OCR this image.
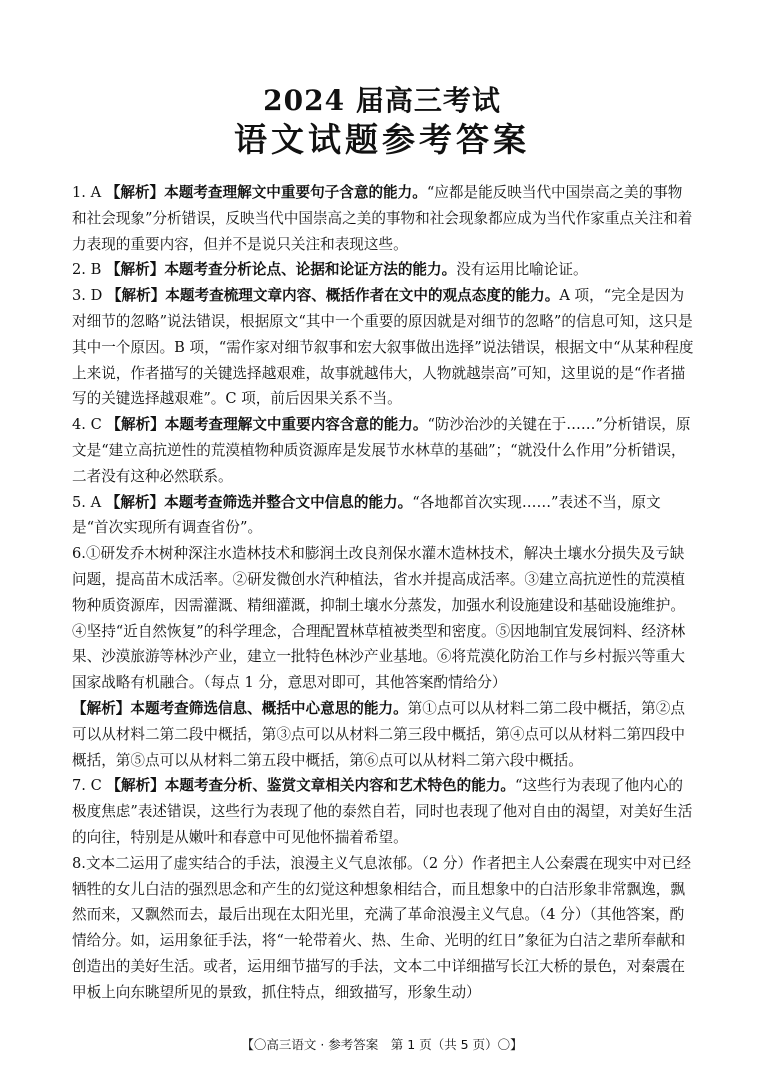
2024 届高三考试
语文试题参考答案

1. A 【解析】本题考查理解文中重要句子含意的能力。“应都是能反映当代中国崇高之美的事物和社会现象”分析错误，反映当代中国崇高之美的事物和社会现象都应成为当代作家重点关注和着力表现的重要内容，但并不是说只关注和表现这些。

2. B 【解析】本题考查分析论点、论据和论证方法的能力。没有运用比喻论证。

3. D 【解析】本题考查梳理文章内容、概括作者在文中的观点态度的能力。A 项，“完全是因为对细节的忽略”说法错误，根据原文“其中一个重要的原因就是对细节的忽略”的信息可知，这只是其中一个原因。B 项，“需作家对细节叙事和宏大叙事做出选择”说法错误，根据文中“从某种程度上来说，作者描写的关键选择越艰难，故事就越伟大，人物就越崇高”可知，这里说的是“作者描写的关键选择越艰难”。C 项，前后因果关系不当。

4. C 【解析】本题考查理解文中重要内容含意的能力。“防沙治沙的关键在于……”分析错误，原文是“建立高抗逆性的荒漠植物种质资源库是发展节水林草的基础”；“就没什么作用”分析错误，二者没有这种必然联系。

5. A 【解析】本题考查筛选并整合文中信息的能力。“各地都首次实现……”表述不当，原文是“首次实现所有调查省份”。

6.①研发乔木树种深注水造林技术和膨润土改良剂保水灌木造林技术，解决土壤水分损失及亏缺问题，提高苗木成活率。②研发微创水汽种植法，省水并提高成活率。③建立高抗逆性的荒漠植物种质资源库，因需灌溉、精细灌溉，抑制土壤水分蒸发，加强水利设施建设和基础设施维护。④坚持“近自然恢复”的科学理念，合理配置林草植被类型和密度。⑤因地制宜发展饲料、经济林果、沙漠旅游等林沙产业，建立一批特色林沙产业基地。⑥将荒漠化防治工作与乡村振兴等重大国家战略有机融合。（每点 1 分，意思对即可，其他答案酌情给分）

【解析】本题考查筛选信息、概括中心意思的能力。第①点可以从材料二第二段中概括，第②点可以从材料二第二段中概括，第③点可以从材料二第三段中概括，第④点可以从材料二第四段中概括，第⑤点可以从材料二第五段中概括，第⑥点可以从材料二第六段中概括。

7. C 【解析】本题考查分析、鉴赏文章相关内容和艺术特色的能力。“这些行为表现了他内心的极度焦虑”表述错误，这些行为表现了他的泰然自若，同时也表现了他对自由的渴望，对美好生活的向往，特别是从嫩叶和春意中可见他怀揣着希望。

8.文本二运用了虚实结合的手法，浪漫主义气息浓郁。（2 分）作者把主人公秦震在现实中对已经牺牲的女儿白洁的强烈思念和产生的幻觉这种想象相结合，而且想象中的白洁形象非常飘逸，飘然而来，又飘然而去，最后出现在太阳光里，充满了革命浪漫主义气息。（4 分）（其他答案，酌情给分。如，运用象征手法，将“一轮带着火、热、生命、光明的红日”象征为白洁之辈所奉献和创造出的美好生活。或者，运用细节描写的手法，文本二中详细描写长江大桥的景色，对秦震在甲板上向东眺望所见的景致，抓住特点，细致描写，形象生动）

【〇高三语文 · 参考答案　第 1 页（共 5 页）〇】
